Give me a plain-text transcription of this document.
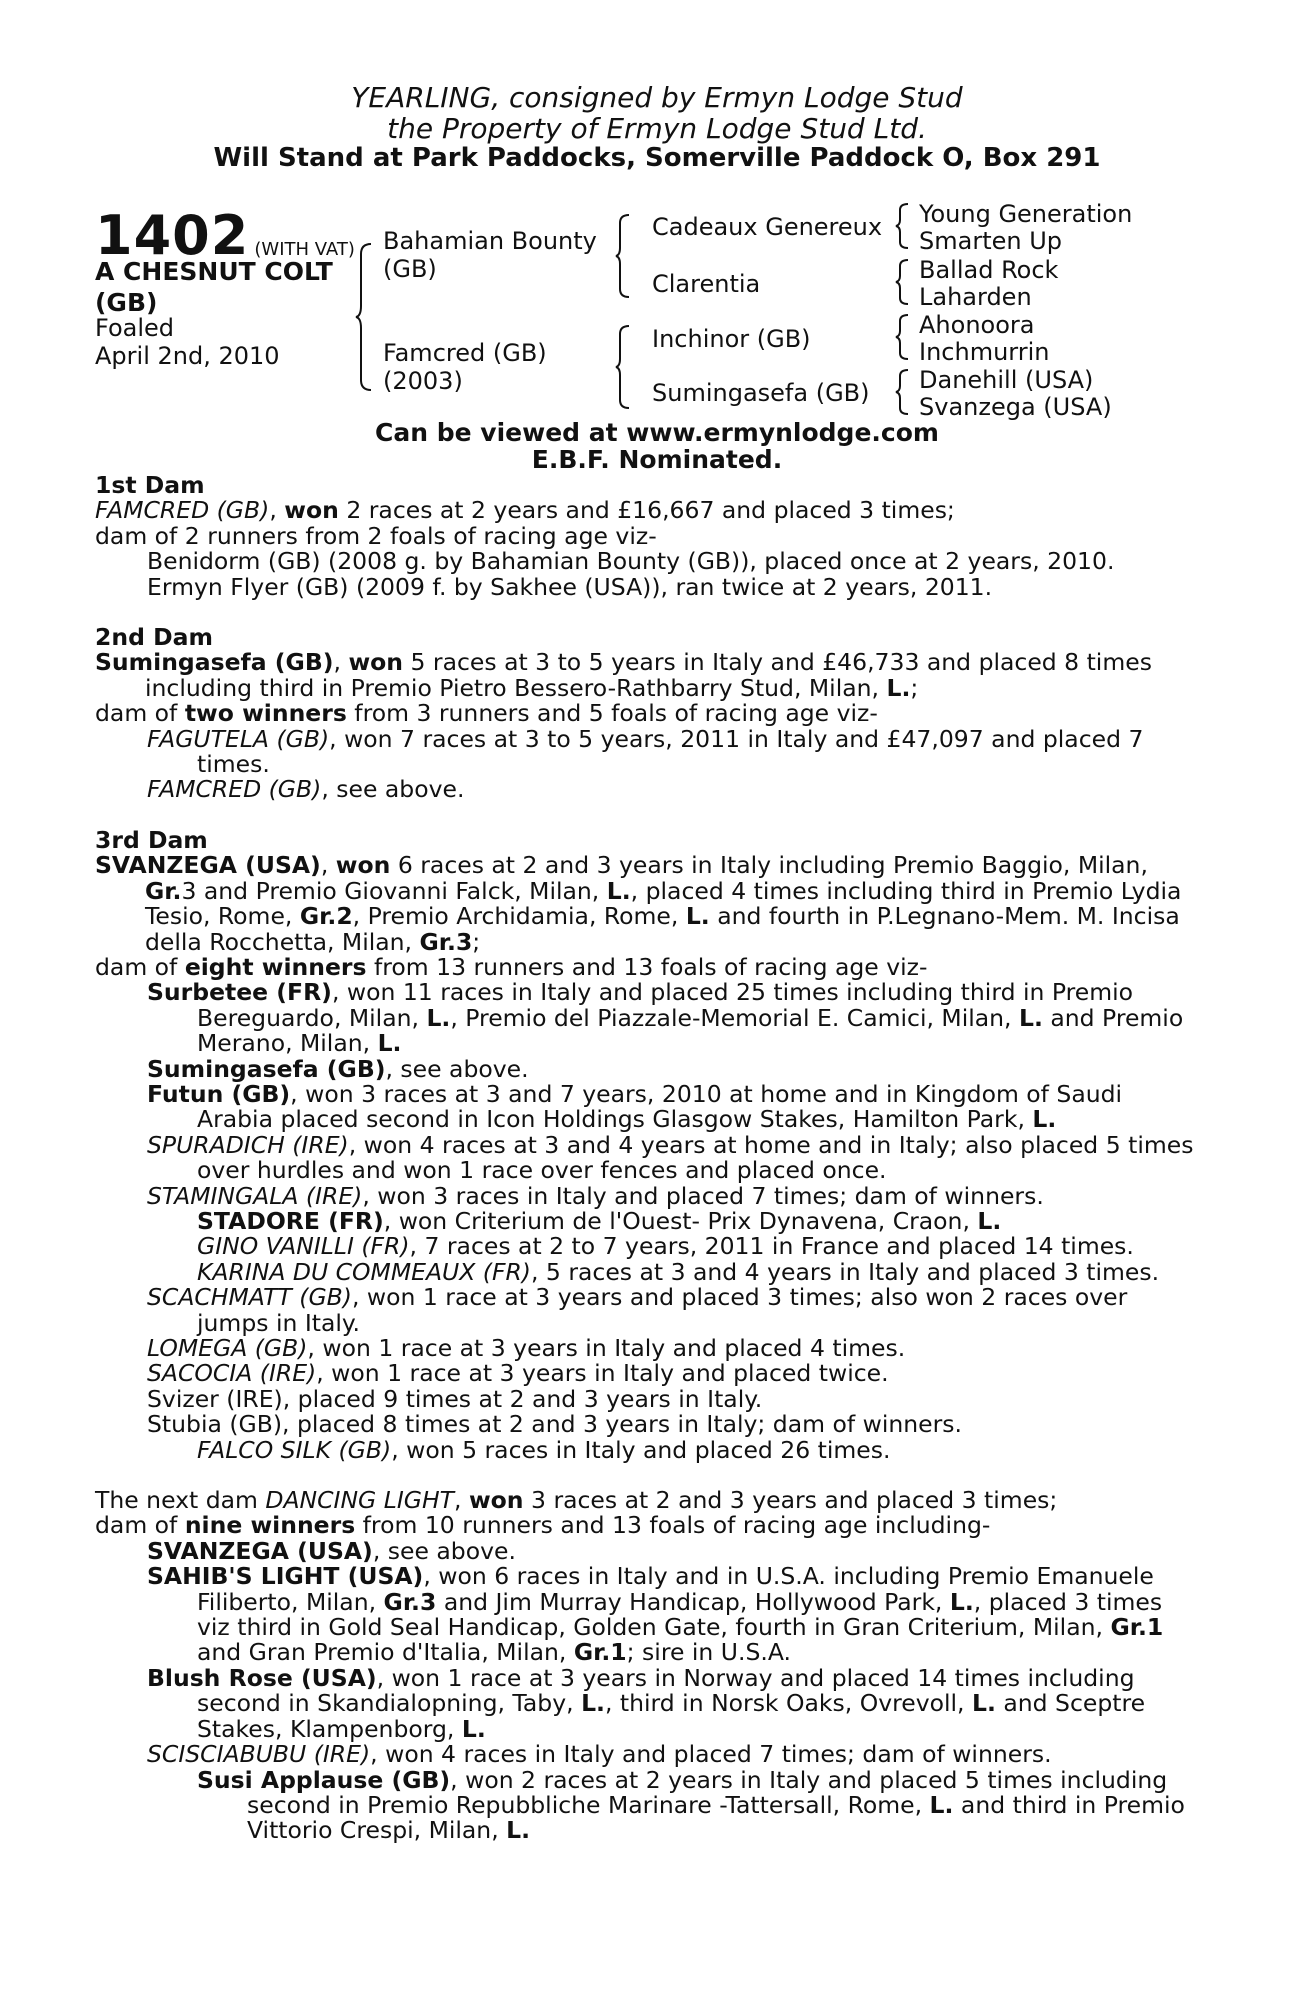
YEARLING, consigned by Ermyn Lodge Stud
the Property of Ermyn Lodge Stud Ltd.
Will Stand at Park Paddocks, Somerville Paddock O, Box 291
1402 (WITH VAT)
A CHESNUT COLT
(GB)
Foaled
April 2nd, 2010
Bahamian Bounty
(GB)
Famcred (GB)
(2003)
Cadeaux Genereux
Clarentia
Inchinor (GB)
Sumingasefa (GB)
Young Generation
Smarten Up
Ballad Rock
Laharden
Ahonoora
Inchmurrin
Danehill (USA)
Svanzega (USA)
Can be viewed at www.ermynlodge.com
E.B.F. Nominated.

1st Dam

FAMCRED (GB), won 2 races at 2 years and £16,667 and placed 3 times;

dam of 2 runners from 2 foals of racing age viz-

Benidorm (GB) (2008 g. by Bahamian Bounty (GB)), placed once at 2 years, 2010.

Ermyn Flyer (GB) (2009 f. by Sakhee (USA)), ran twice at 2 years, 2011.

2nd Dam

Sumingasefa (GB), won 5 races at 3 to 5 years in Italy and £46,733 and placed 8 times including third in Premio Pietro Bessero-Rathbarry Stud, Milan, L.;

dam of two winners from 3 runners and 5 foals of racing age viz-

FAGUTELA (GB), won 7 races at 3 to 5 years, 2011 in Italy and £47,097 and placed 7 times.

FAMCRED (GB), see above.

3rd Dam

SVANZEGA (USA), won 6 races at 2 and 3 years in Italy including Premio Baggio, Milan, Gr.3 and Premio Giovanni Falck, Milan, L., placed 4 times including third in Premio Lydia Tesio, Rome, Gr.2, Premio Archidamia, Rome, L. and fourth in P.Legnano-Mem. M. Incisa della Rocchetta, Milan, Gr.3;

dam of eight winners from 13 runners and 13 foals of racing age viz-

Surbetee (FR), won 11 races in Italy and placed 25 times including third in Premio Bereguardo, Milan, L., Premio del Piazzale-Memorial E. Camici, Milan, L. and Premio Merano, Milan, L.

Sumingasefa (GB), see above.

Futun (GB), won 3 races at 3 and 7 years, 2010 at home and in Kingdom of Saudi Arabia placed second in Icon Holdings Glasgow Stakes, Hamilton Park, L.

SPURADICH (IRE), won 4 races at 3 and 4 years at home and in Italy; also placed 5 times over hurdles and won 1 race over fences and placed once.

STAMINGALA (IRE), won 3 races in Italy and placed 7 times; dam of winners.

STADORE (FR), won Criterium de l'Ouest- Prix Dynavena, Craon, L.

GINO VANILLI (FR), 7 races at 2 to 7 years, 2011 in France and placed 14 times.

KARINA DU COMMEAUX (FR), 5 races at 3 and 4 years in Italy and placed 3 times.

SCACHMATT (GB), won 1 race at 3 years and placed 3 times; also won 2 races over jumps in Italy.

LOMEGA (GB), won 1 race at 3 years in Italy and placed 4 times.

SACOCIA (IRE), won 1 race at 3 years in Italy and placed twice.

Svizer (IRE), placed 9 times at 2 and 3 years in Italy.

Stubia (GB), placed 8 times at 2 and 3 years in Italy; dam of winners.

FALCO SILK (GB), won 5 races in Italy and placed 26 times.

The next dam DANCING LIGHT, won 3 races at 2 and 3 years and placed 3 times;

dam of nine winners from 10 runners and 13 foals of racing age including-

SVANZEGA (USA), see above.

SAHIB'S LIGHT (USA), won 6 races in Italy and in U.S.A. including Premio Emanuele Filiberto, Milan, Gr.3 and Jim Murray Handicap, Hollywood Park, L., placed 3 times viz third in Gold Seal Handicap, Golden Gate, fourth in Gran Criterium, Milan, Gr.1 and Gran Premio d'Italia, Milan, Gr.1; sire in U.S.A.

Blush Rose (USA), won 1 race at 3 years in Norway and placed 14 times including second in Skandialopning, Taby, L., third in Norsk Oaks, Ovrevoll, L. and Sceptre Stakes, Klampenborg, L.

SCISCIABUBU (IRE), won 4 races in Italy and placed 7 times; dam of winners.

Susi Applause (GB), won 2 races at 2 years in Italy and placed 5 times including second in Premio Repubbliche Marinare -Tattersall, Rome, L. and third in Premio Vittorio Crespi, Milan, L.
